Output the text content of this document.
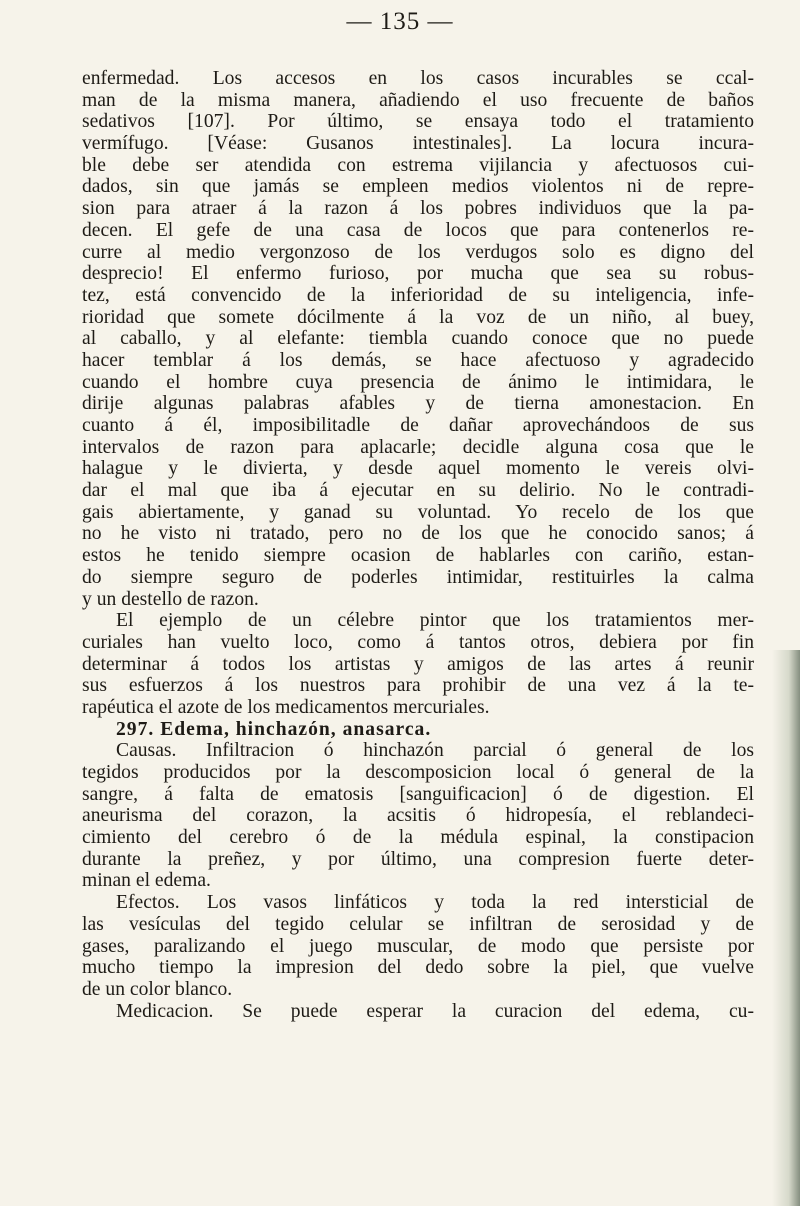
— 135 —
enfermedad. Los accesos en los casos incurables se ccal-
man de la misma manera, añadiendo el uso frecuente de baños
sedativos [107]. Por último, se ensaya todo el tratamiento
vermífugo. [Véase: Gusanos intestinales]. La locura incura-
ble debe ser atendida con estrema vijilancia y afectuosos cui-
dados, sin que jamás se empleen medios violentos ni de repre-
sion para atraer á la razon á los pobres individuos que la pa-
decen. El gefe de una casa de locos que para contenerlos re-
curre al medio vergonzoso de los verdugos solo es digno del
desprecio! El enfermo furioso, por mucha que sea su robus-
tez, está convencido de la inferioridad de su inteligencia, infe-
rioridad que somete dócilmente á la voz de un niño, al buey,
al caballo, y al elefante: tiembla cuando conoce que no puede
hacer temblar á los demás, se hace afectuoso y agradecido
cuando el hombre cuya presencia de ánimo le intimidara, le
dirije algunas palabras afables y de tierna amonestacion. En
cuanto á él, imposibilitadle de dañar aprovechándoos de sus
intervalos de razon para aplacarle; decidle alguna cosa que le
halague y le divierta, y desde aquel momento le vereis olvi-
dar el mal que iba á ejecutar en su delirio. No le contradi-
gais abiertamente, y ganad su voluntad. Yo recelo de los que
no he visto ni tratado, pero no de los que he conocido sanos; á
estos he tenido siempre ocasion de hablarles con cariño, estan-
do siempre seguro de poderles intimidar, restituirles la calma
y un destello de razon.
El ejemplo de un célebre pintor que los tratamientos mer-
curiales han vuelto loco, como á tantos otros, debiera por fin
determinar á todos los artistas y amigos de las artes á reunir
sus esfuerzos á los nuestros para prohibir de una vez á la te-
rapéutica el azote de los medicamentos mercuriales.
297. Edema, hinchazón, anasarca.
Causas. Infiltracion ó hinchazón parcial ó general de los
tegidos producidos por la descomposicion local ó general de la
sangre, á falta de ematosis [sanguificacion] ó de digestion. El
aneurisma del corazon, la acsitis ó hidropesía, el reblandeci-
cimiento del cerebro ó de la médula espinal, la constipacion
durante la preñez, y por último, una compresion fuerte deter-
minan el edema.
Efectos. Los vasos linfáticos y toda la red intersticial de
las vesículas del tegido celular se infiltran de serosidad y de
gases, paralizando el juego muscular, de modo que persiste por
mucho tiempo la impresion del dedo sobre la piel, que vuelve
de un color blanco.
Medicacion. Se puede esperar la curacion del edema, cu-
